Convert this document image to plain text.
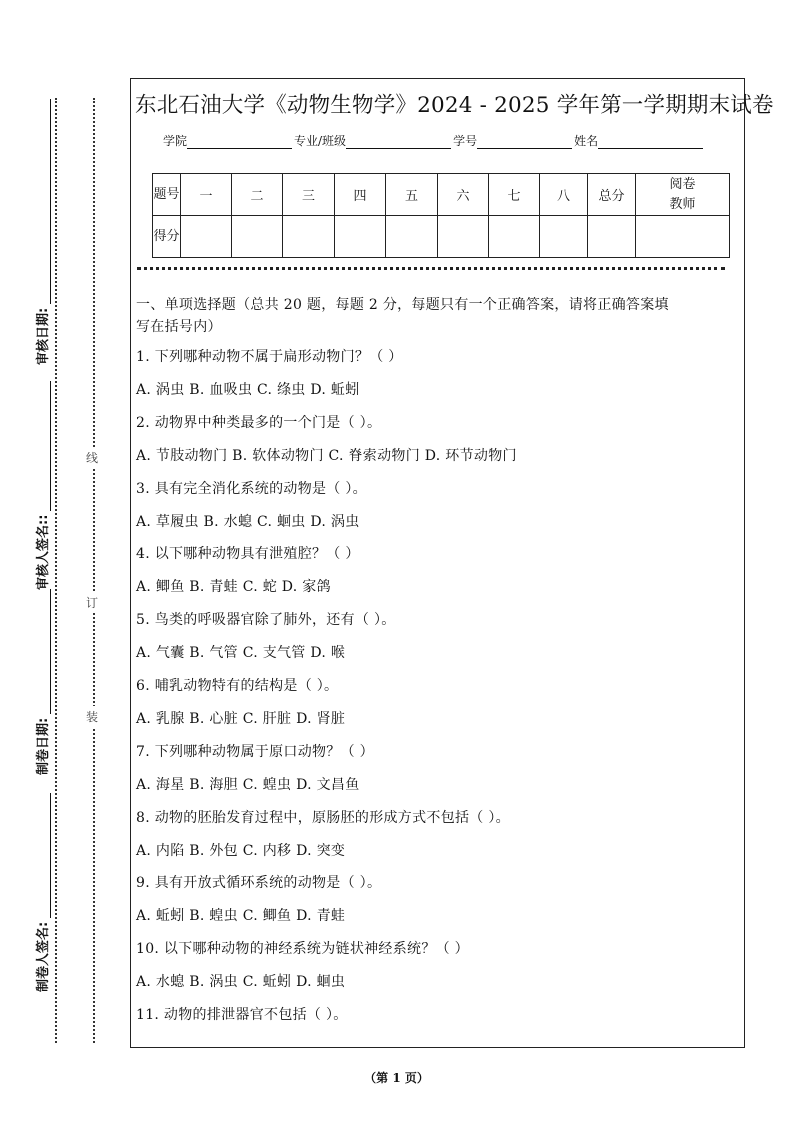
审核日期:
审核人签名::
制卷日期:
制卷人签名:
线
订
装
东北石油大学《动物生物学》2024 - 2025 学年第一学期期末试卷
学院	专业/班级	学号	姓名
题号	一	二	三	四	五	六	七	八	总分	阅卷教师
得分										
一、单项选择题（总共 20 题，每题 2 分，每题只有一个正确答案，请将正确答案填
写在括号内）
1. 下列哪种动物不属于扁形动物门？（ ）
A. 涡虫 B. 血吸虫 C. 绦虫 D. 蚯蚓
2. 动物界中种类最多的一个门是（ ）。
A. 节肢动物门 B. 软体动物门 C. 脊索动物门 D. 环节动物门
3. 具有完全消化系统的动物是（ ）。
A. 草履虫 B. 水螅 C. 蛔虫 D. 涡虫
4. 以下哪种动物具有泄殖腔？（ ）
A. 鲫鱼 B. 青蛙 C. 蛇 D. 家鸽
5. 鸟类的呼吸器官除了肺外，还有（ ）。
A. 气囊 B. 气管 C. 支气管 D. 喉
6. 哺乳动物特有的结构是（ ）。
A. 乳腺 B. 心脏 C. 肝脏 D. 肾脏
7. 下列哪种动物属于原口动物？（ ）
A. 海星 B. 海胆 C. 蝗虫 D. 文昌鱼
8. 动物的胚胎发育过程中，原肠胚的形成方式不包括（ ）。
A. 内陷 B. 外包 C. 内移 D. 突变
9. 具有开放式循环系统的动物是（ ）。
A. 蚯蚓 B. 蝗虫 C. 鲫鱼 D. 青蛙
10. 以下哪种动物的神经系统为链状神经系统？（ ）
A. 水螅 B. 涡虫 C. 蚯蚓 D. 蛔虫
11. 动物的排泄器官不包括（ ）。
（第 1 页）
